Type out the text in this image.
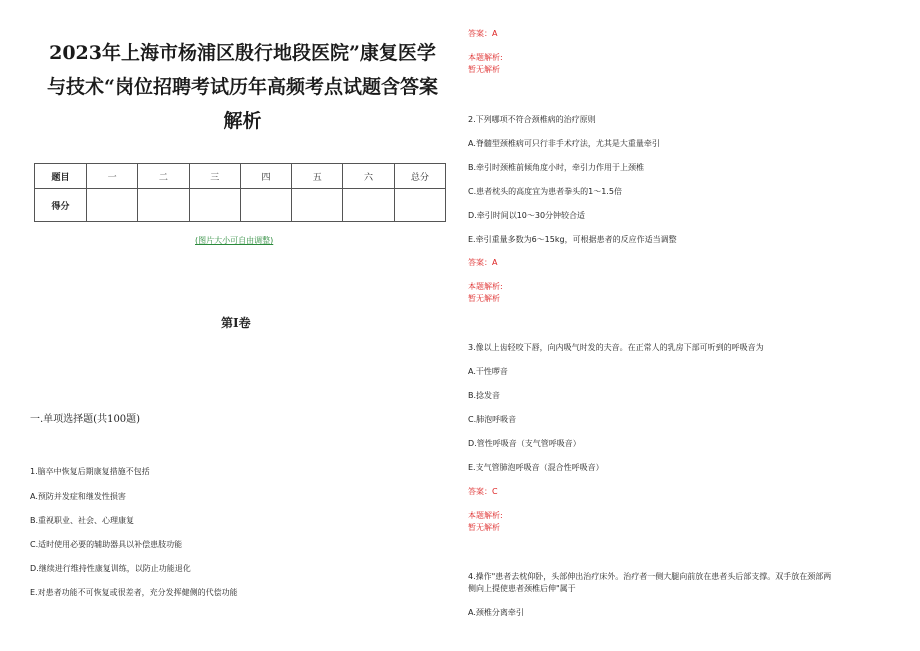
2023年上海市杨浦区殷行地段医院”康复医学
与技术“岗位招聘考试历年高频考点试题含答案
解析
题目	一	二	三	四	五	六	总分
得分							
(图片大小可自由调整)
第Ⅰ卷
一.单项选择题(共100题)
1.脑卒中恢复后期康复措施不包括
A.预防并发症和继发性损害
B.重视职业、社会、心理康复
C.适时使用必要的辅助器具以补偿患肢功能
D.继续进行维持性康复训练，以防止功能退化
E.对患者功能不可恢复或很差者，充分发挥健侧的代偿功能
答案：A
本题解析:
暂无解析
2.下列哪项不符合颈椎病的治疗原则
A.脊髓型颈椎病可只行非手术疗法，尤其是大重量牵引
B.牵引时颈椎前倾角度小时，牵引力作用于上颈椎
C.患者枕头的高度宜为患者拳头的1～1.5倍
D.牵引时间以10～30分钟较合适
E.牵引重量多数为6～15kg，可根据患者的反应作适当调整
答案：A
本题解析:
暂无解析
3.像以上齿轻咬下唇，向内吸气时发的夫音。在正常人的乳房下部可听到的呼吸音为
A.干性啰音
B.捻发音
C.肺泡呼吸音
D.管性呼吸音（支气管呼吸音）
E.支气管肺泡呼吸音（混合性呼吸音）
答案：C
本题解析:
暂无解析
4.操作"患者去枕仰卧，头部伸出治疗床外。治疗者一侧大腿向前放在患者头后部支撑。双手放在颈部两
侧向上提使患者颈椎后伸"属于
A.颈椎分离牵引
